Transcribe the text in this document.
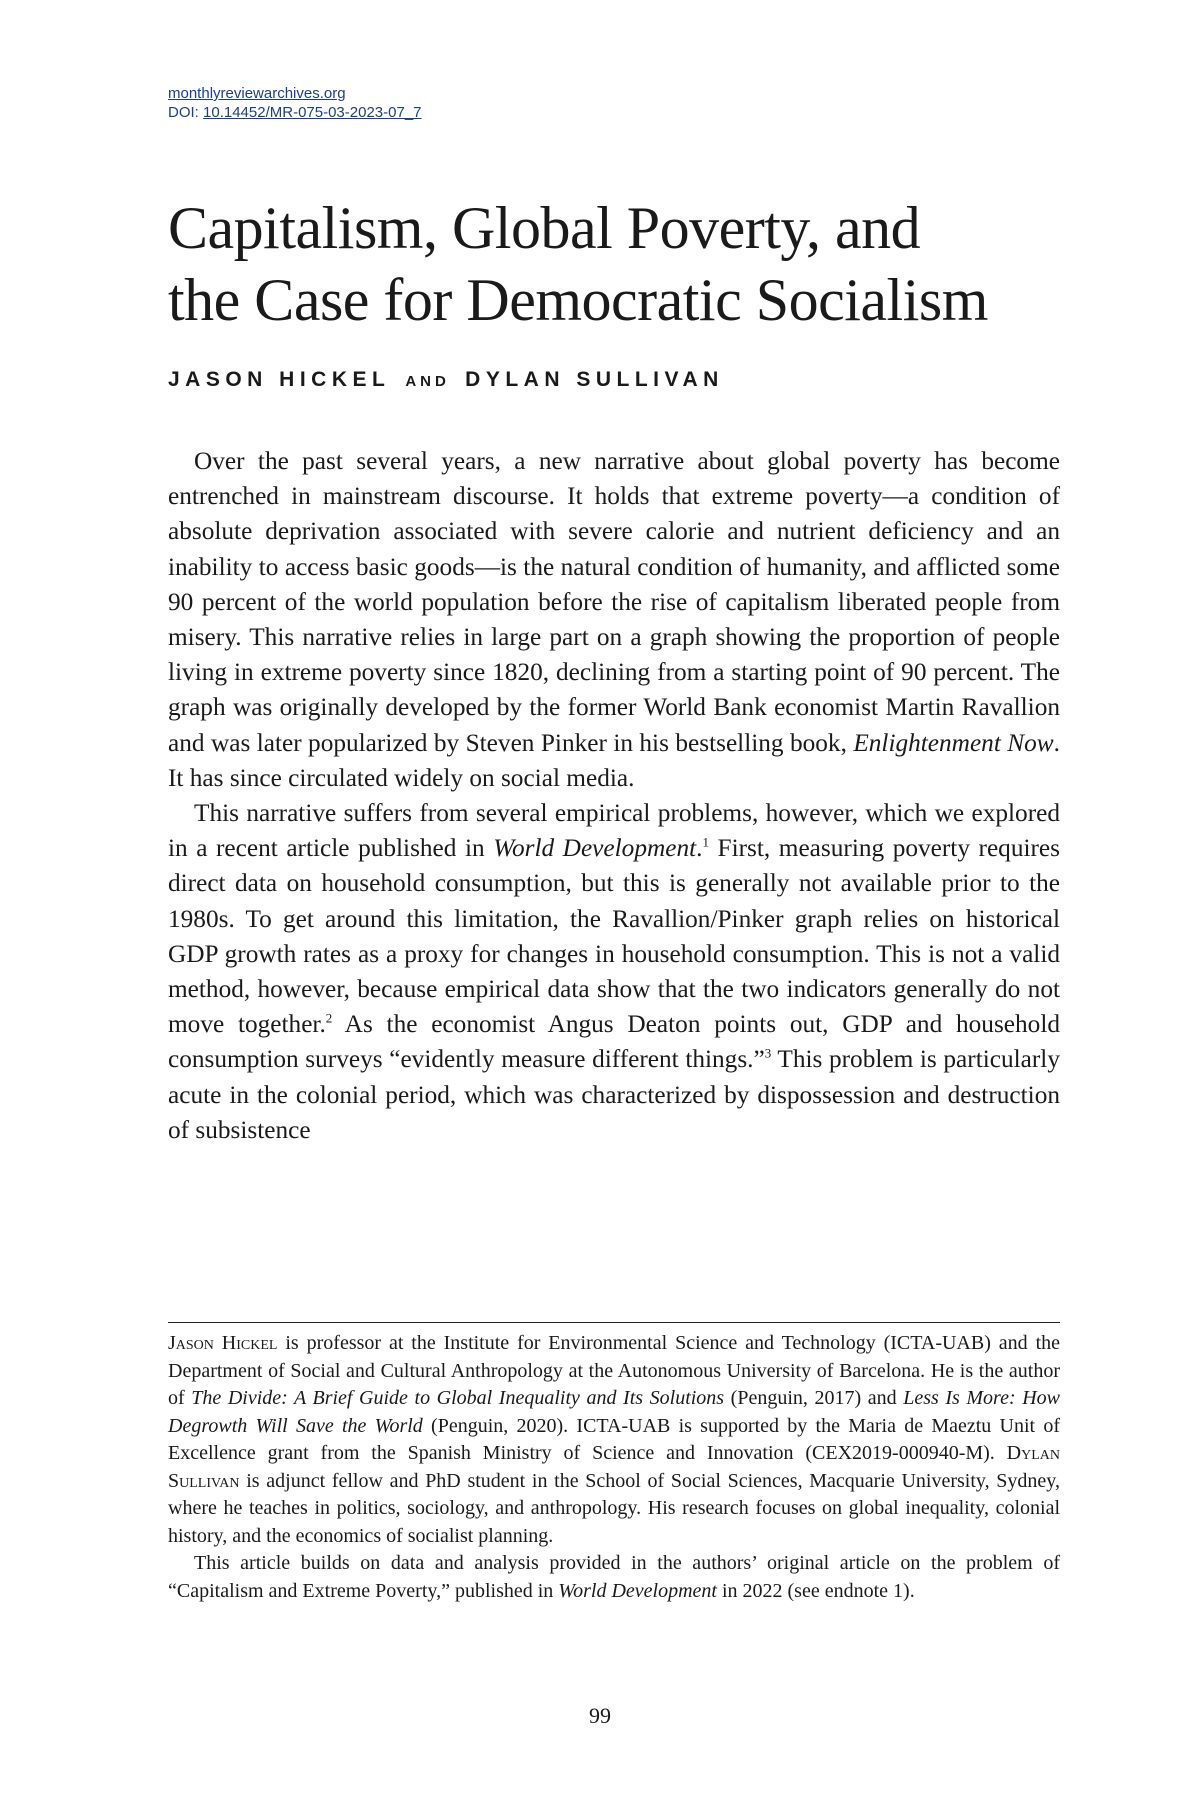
monthlyreviewarchives.org
DOI: 10.14452/MR-075-03-2023-07_7
Capitalism, Global Poverty, and
the Case for Democratic Socialism
JASON HICKEL AND DYLAN SULLIVAN

Over the past several years, a new narrative about global poverty has become entrenched in mainstream discourse. It holds that extreme poverty—a condition of absolute deprivation associated with severe calorie and nutrient deficiency and an inability to access basic goods—is the natural condition of humanity, and afflicted some 90 percent of the world population before the rise of capitalism liberated people from misery. This narrative relies in large part on a graph showing the proportion of people living in extreme poverty since 1820, declining from a starting point of 90 percent. The graph was originally developed by the former World Bank economist Martin Ravallion and was later popularized by Steven Pinker in his bestselling book, Enlightenment Now. It has since circulated widely on social media.

This narrative suffers from several empirical problems, however, which we explored in a recent article published in World Development.$^1$ First, measuring poverty requires direct data on household consumption, but this is generally not available prior to the 1980s. To get around this limitation, the Ravallion/Pinker graph relies on historical GDP growth rates as a proxy for changes in household consumption. This is not a valid method, however, because empirical data show that the two indicators generally do not move together.$^2$ As the economist Angus Deaton points out, GDP and household consumption surveys “evidently measure different things.”$^3$ This problem is particularly acute in the colonial period, which was characterized by dispossession and destruction of subsistence

Jason Hickel is professor at the Institute for Environmental Science and Technology (ICTA-UAB) and the Department of Social and Cultural Anthropology at the Autonomous University of Barcelona. He is the author of The Divide: A Brief Guide to Global Inequality and Its Solutions (Penguin, 2017) and Less Is More: How Degrowth Will Save the World (Penguin, 2020). ICTA-UAB is supported by the Maria de Maeztu Unit of Excellence grant from the Spanish Ministry of Science and Innovation (CEX2019-000940-M). Dylan Sullivan is adjunct fellow and PhD student in the School of Social Sciences, Macquarie University, Sydney, where he teaches in politics, sociology, and anthropology. His research focuses on global inequality, colonial history, and the economics of socialist planning.

This article builds on data and analysis provided in the authors’ original article on the problem of “Capitalism and Extreme Poverty,” published in World Development in 2022 (see endnote 1).

99
